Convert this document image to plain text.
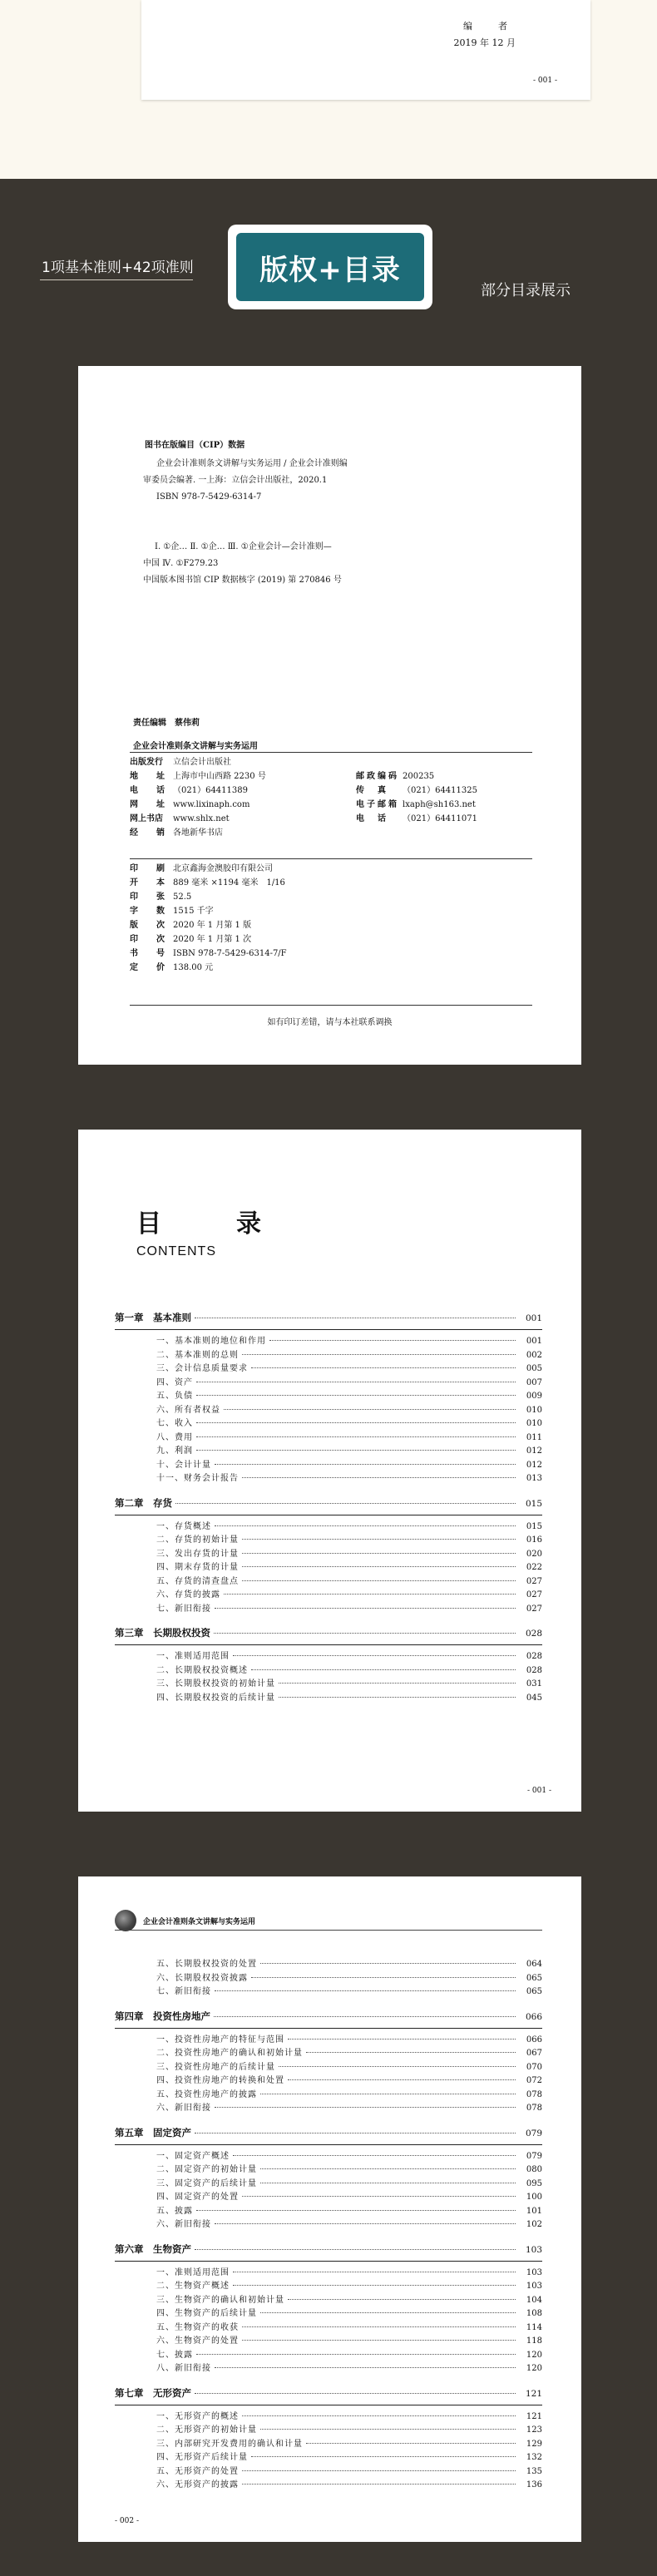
编　者
2019 年 12 月
- 001 -
1项基本准则+42项准则	版权+目录
部分目录展示
图书在版编目（CIP）数据
企业会计准则条文讲解与实务运用 / 企业会计准则编
审委员会编著. 一上海：立信会计出版社，2020.1
ISBN 978-7-5429-6314-7
Ⅰ. ①企… Ⅱ. ①企… Ⅲ. ①企业会计—会计准则—
中国 Ⅳ. ①F279.23
中国版本图书馆 CIP 数据核字 (2019) 第 270846 号
责任编辑　蔡伟莉
企业会计准则条文讲解与实务运用
出版发行	立信会计出版社
地　址 上海市中山西路 2230 号	邮政编码 200235
电　话 （021）64411389	传　真	（021）64411325
网　址 www.lixinaph.com	电子邮箱 lxaph@sh163.net
网上书店	www.shlx.net	电　话	（021）64411071
经　销 各地新华书店
印　刷 北京鑫海金澳胶印有限公司
开　本 889 毫米 ×1194 毫米　1/16
印　张 52.5
字　数 1515 千字
版　次 2020 年 1 月第 1 版
印　次 2020 年 1 月第 1 次
书　号 ISBN 978-7-5429-6314-7/F
定　价 138.00 元
如有印订差错，请与本社联系调换
目　录
CONTENTS
第一章　基本准则	001
一、基本准则的地位和作用	001
二、基本准则的总则	002
三、会计信息质量要求	005
四、资产	007
五、负债	009
六、所有者权益	010
七、收入	010
八、费用	011
九、利润	012
十、会计计量	012
十一、财务会计报告	013
第二章　存货	015
一、存货概述	015
二、存货的初始计量	016
三、发出存货的计量	020
四、期末存货的计量	022
五、存货的清查盘点	027
六、存货的披露	027
七、新旧衔接	027
第三章　长期股权投资	028
一、准则适用范围	028
二、长期股权投资概述	028
三、长期股权投资的初始计量	031
四、长期股权投资的后续计量	045
- 001 -
企业会计准则条文讲解与实务运用
五、长期股权投资的处置	064
六、长期股权投资披露	065
七、新旧衔接	065
第四章　投资性房地产	066
一、投资性房地产的特征与范围	066
二、投资性房地产的确认和初始计量	067
三、投资性房地产的后续计量	070
四、投资性房地产的转换和处置	072
五、投资性房地产的披露	078
六、新旧衔接	078
第五章　固定资产	079
一、固定资产概述	079
二、固定资产的初始计量	080
三、固定资产的后续计量	095
四、固定资产的处置	100
五、披露	101
六、新旧衔接	102
第六章　生物资产	103
一、准则适用范围	103
二、生物资产概述	103
三、生物资产的确认和初始计量	104
四、生物资产的后续计量	108
五、生物资产的收获	114
六、生物资产的处置	118
七、披露	120
八、新旧衔接	120
第七章　无形资产	121
一、无形资产的概述	121
二、无形资产的初始计量	123
三、内部研究开发费用的确认和计量	129
四、无形资产后续计量	132
五、无形资产的处置	135
六、无形资产的披露	136
- 002 -
